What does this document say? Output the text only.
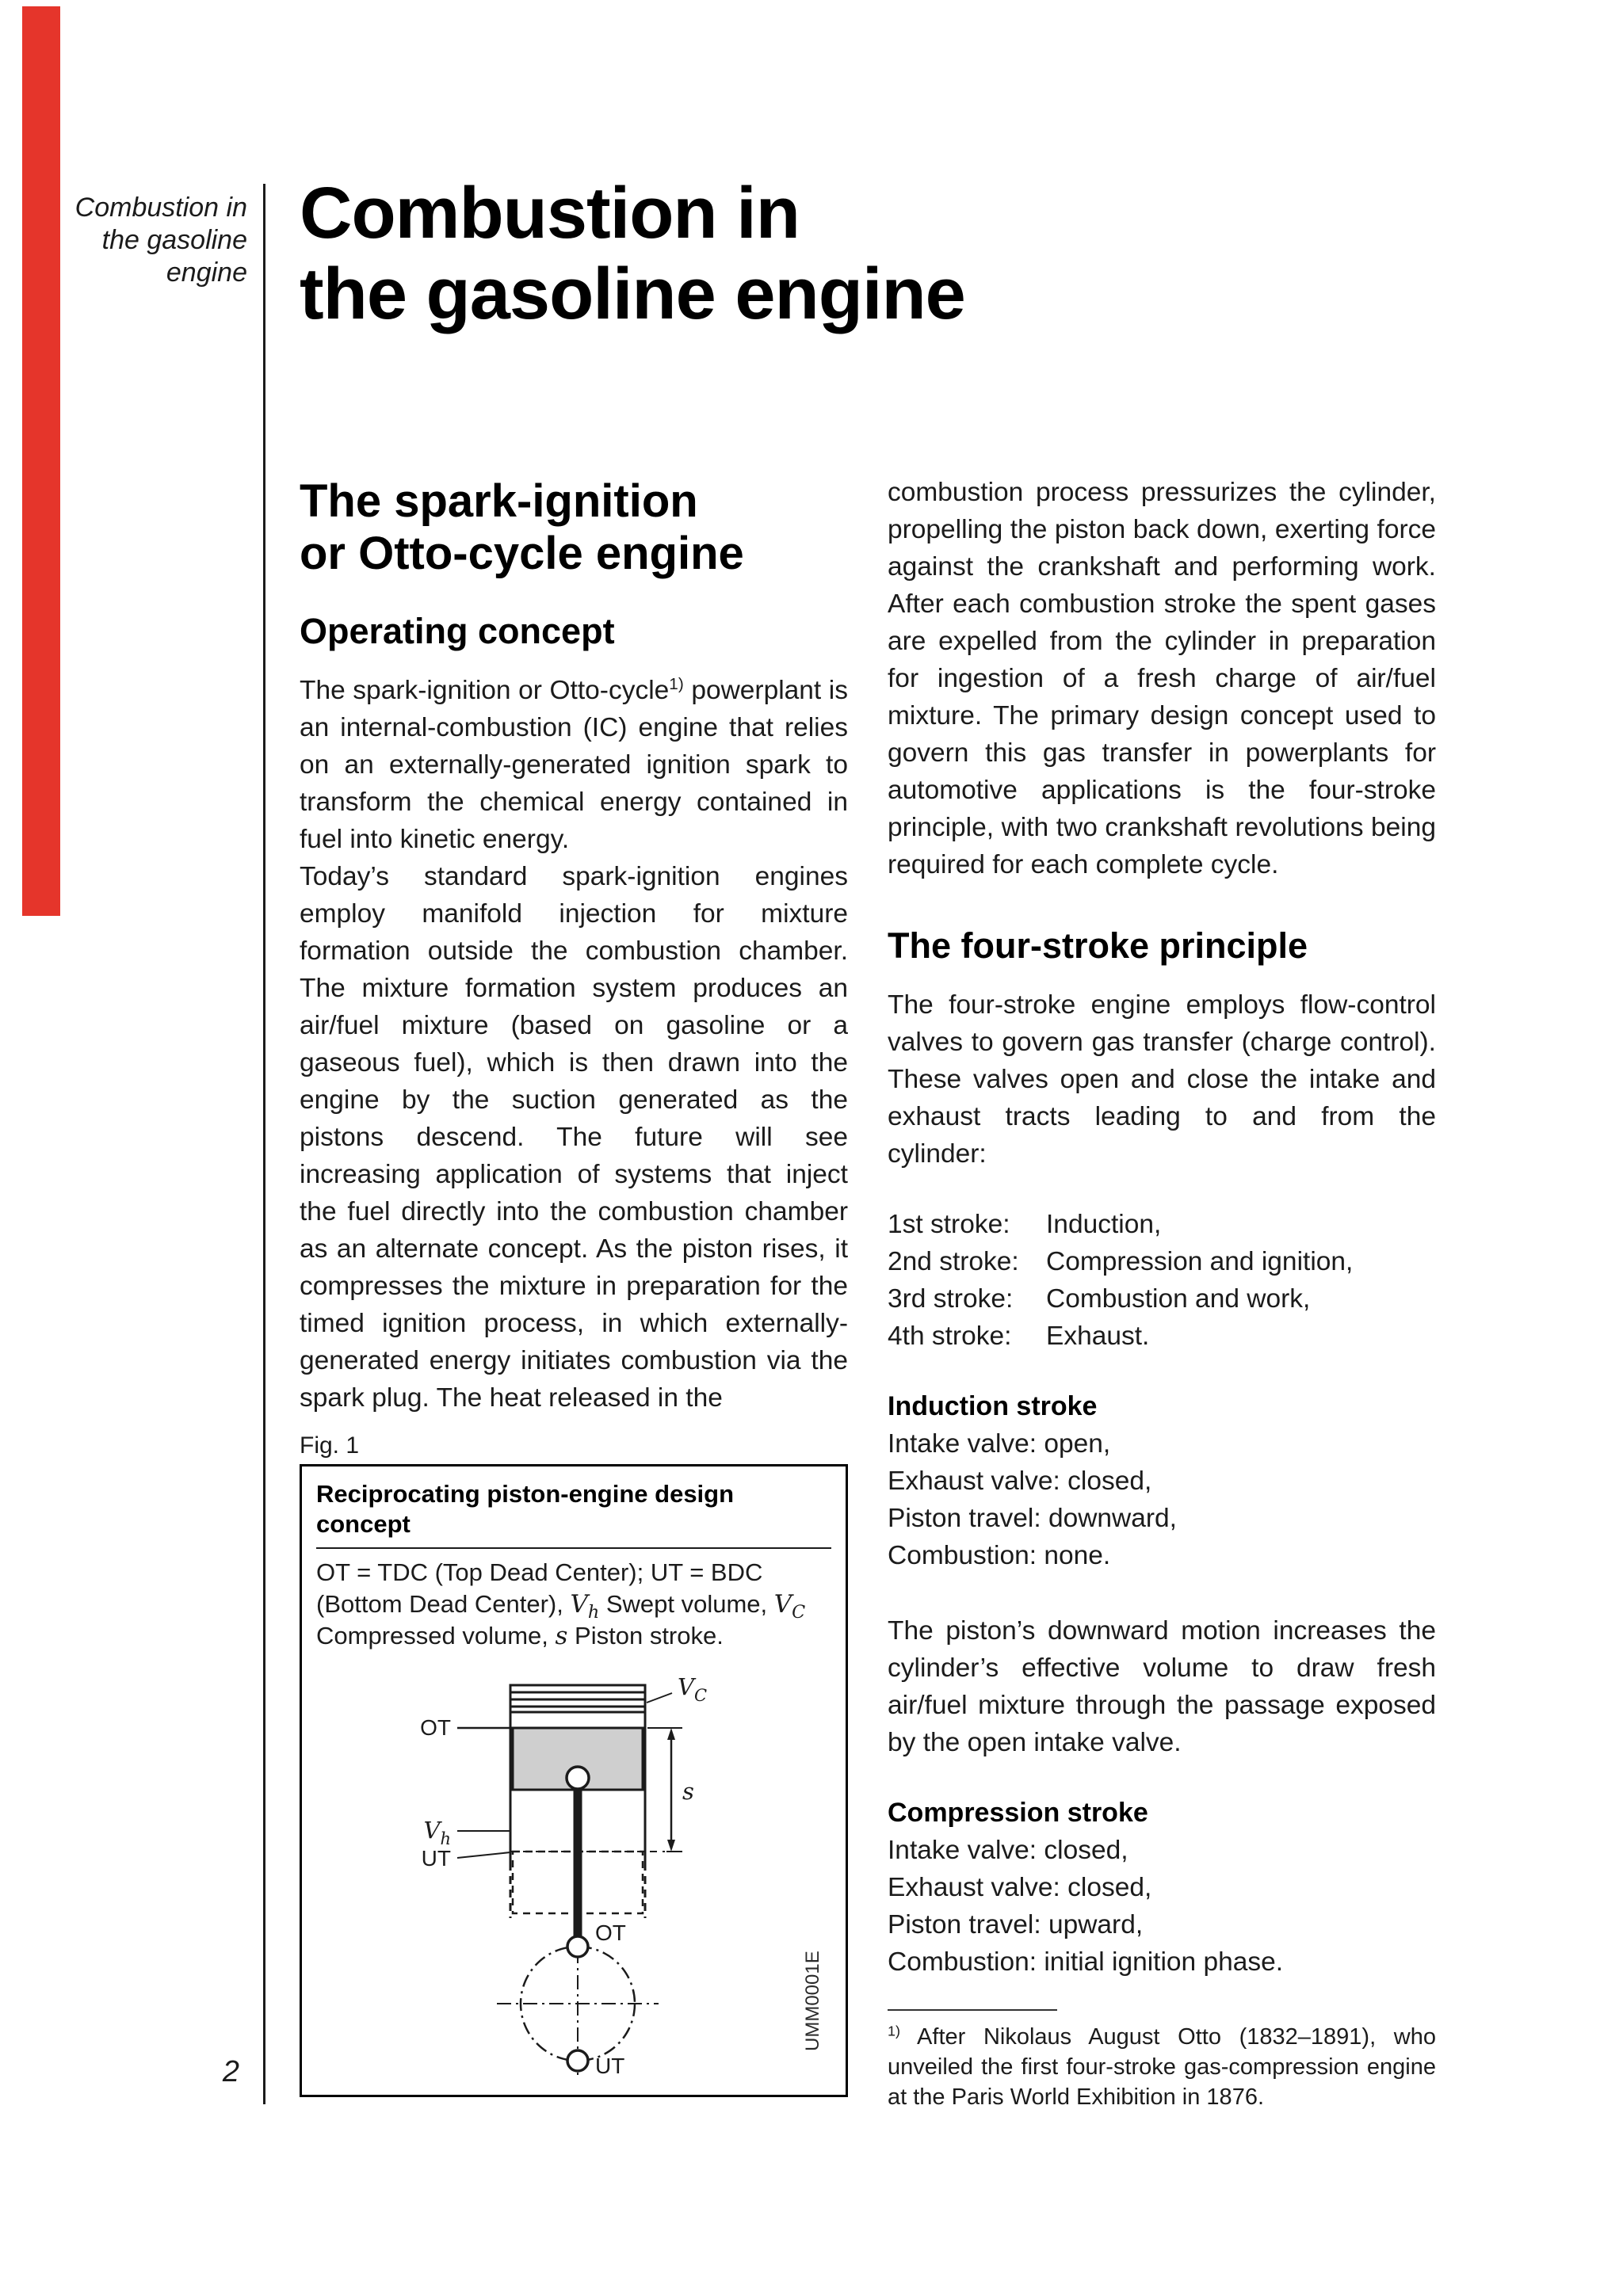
Combustion in
the gasoline
engine
2
Combustion in
the gasoline engine
The spark-ignition
or Otto-cycle engine
Operating concept

The spark-ignition or Otto-cycle$^{1)}$ powerplant is an internal-combustion (IC) engine that relies on an externally-generated ignition spark to transform the chemical energy contained in fuel into kinetic energy.

Today’s standard spark-ignition engines employ manifold injection for mixture formation outside the combustion chamber. The mixture formation system produces an air/fuel mixture (based on gasoline or a gaseous fuel), which is then drawn into the engine by the suction generated as the pistons descend. The future will see increasing application of systems that inject the fuel directly into the combustion chamber as an alternate concept. As the piston rises, it compresses the mixture in preparation for the timed ignition process, in which externally-generated energy initiates combustion via the spark plug. The heat released in the

Fig. 1
Reciprocating piston-engine design concept
OT = TDC (Top Dead Center); UT = BDC (Bottom Dead Center), $V_h$ Swept volume, $V_C$ Compressed volume, s Piston stroke.
OT
$V_h$
UT
$V_C$
s
OT
UT
UMM0001E

combustion process pressurizes the cylinder, propelling the piston back down, exerting force against the crankshaft and performing work. After each combustion stroke the spent gases are expelled from the cylinder in preparation for ingestion of a fresh charge of air/fuel mixture. The primary design concept used to govern this gas transfer in powerplants for automotive applications is the four-stroke principle, with two crankshaft revolutions being required for each complete cycle.

The four-stroke principle

The four-stroke engine employs flow-control valves to govern gas transfer (charge control). These valves open and close the intake and exhaust tracts leading to and from the cylinder:

1st stroke:	Induction,
2nd stroke:	Compression and ignition,
3rd stroke:	Combustion and work,
4th stroke:	Exhaust.
Induction stroke
Intake valve: open,
Exhaust valve: closed,
Piston travel: downward,
Combustion: none.

The piston’s downward motion increases the cylinder’s effective volume to draw fresh air/fuel mixture through the passage exposed by the open intake valve.

Compression stroke
Intake valve: closed,
Exhaust valve: closed,
Piston travel: upward,
Combustion: initial ignition phase.

$^{1)}$ After Nikolaus August Otto (1832–1891), who unveiled the first four-stroke gas-compression engine at the Paris World Exhibition in 1876.
